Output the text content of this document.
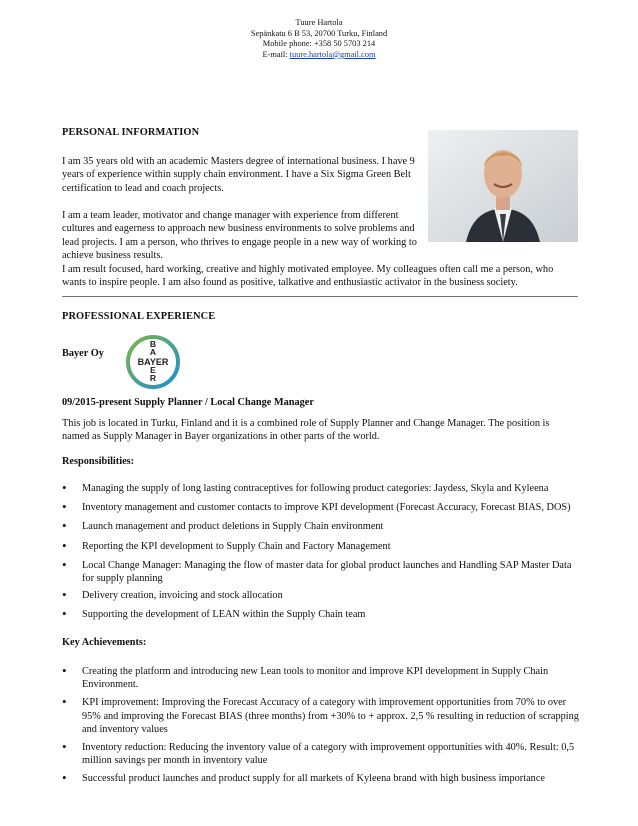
Tuure Hartola
Sepänkatu 6 B 53, 20700 Turku, Finland
Mobile phone: +358 50 5703 214
E-mail: tuure.hartola@gmail.com
PERSONAL INFORMATION
I am 35 years old with an academic Masters degree of international business. I have 9 years of experience within supply chain environment. I have a Six Sigma Green Belt certification to lead and coach projects.
I am a team leader, motivator and change manager with experience from different cultures and eagerness to approach new business environments to solve problems and lead projects. I am a person, who thrives to engage people in a new way of working to achieve business results.
I am result focused, hard working, creative and highly motivated employee. My colleagues often call me a person, who wants to inspire people. I am also found as positive, talkative and enthusiastic activator in the business society.
PROFESSIONAL EXPERIENCE
Bayer Oy
B
A
BAYER
E
R
09/2015-present Supply Planner / Local Change Manager
This job is located in Turku, Finland and it is a combined role of Supply Planner and Change Manager. The position is named as Supply Manager in Bayer organizations in other parts of the world.
Responsibilities:
• Managing the supply of long lasting contraceptives for following product categories: Jaydess, Skyla and Kyleena
• Inventory management and customer contacts to improve KPI development (Forecast Accuracy, Forecast BIAS, DOS)
• Launch management and product deletions in Supply Chain environment
• Reporting the KPI development to Supply Chain and Factory Management
• Local Change Manager: Managing the flow of master data for global product launches and Handling SAP Master Data for supply planning
• Delivery creation, invoicing and stock allocation
• Supporting the development of LEAN within the Supply Chain team
Key Achievements:
• Creating the platform and introducing new Lean tools to monitor and improve KPI development in Supply Chain Environment.
• KPI improvement: Improving the Forecast Accuracy of a category with improvement opportunities from 70% to over 95% and improving the Forecast BIAS (three months) from +30% to + approx. 2,5 % resulting in reduction of scrapping and inventory values
• Inventory reduction: Reducing the inventory value of a category with improvement opportunities with 40%. Result: 0,5 million savings per month in inventory value
• Successful product launches and product supply for all markets of Kyleena brand with high business importance
